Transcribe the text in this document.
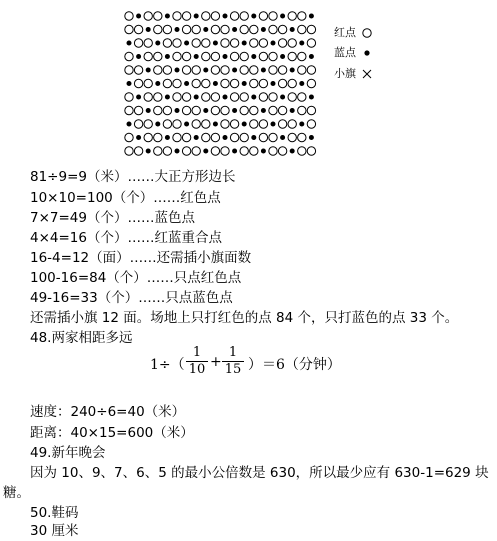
红点
蓝点
小旗
81÷9=9（米）……大正方形边长
10×10=100（个）……红色点
7×7=49（个）……蓝色点
4×4=16（个）……红蓝重合点
16-4=12（面）……还需插小旗面数
100-16=84（个）……只点红色点
49-16=33（个）……只点蓝色点
还需插小旗 12 面。场地上只打红色的点 84 个，只打蓝色的点 33 个。
48.两家相距多远
$1\div( \frac{1}{10} + \frac{1}{15} )=6$（分钟）
速度：240÷6=40（米）
距离：40×15=600（米）
49.新年晚会
因为 10、9、7、6、5 的最小公倍数是 630，所以最少应有 630-1=629 块
糖。
50.鞋码
30 厘米
